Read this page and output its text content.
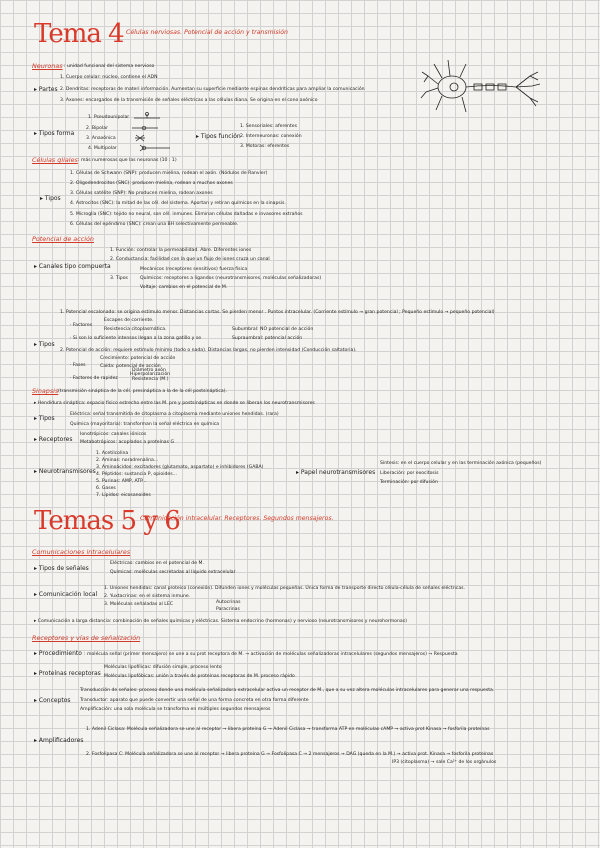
Tema 4 Células nerviosas. Potencial de acción y transmisión
Neuronas : unidad funcional del sistema nervioso
1. Cuerpo celular: núcleo, contiene el ADN
▸ Partes 2. Dendritas: receptoras de materi información. Aumentan su superficie mediante espinas dendríticas para ampliar la comunicación
3. Axones: encargados de la transmisión de señales eléctricas a las células diana. Se origina en el cono axónico
1. Pseudounipolar
2. Bipolar
▸ Tipos forma
3. Anaxónica
4. Multipolar
▸ Tipos función
1. Sensoriales: aferentes
2. Interneuronas: conexión
3. Motoras: eferentes
Células gliales : más numerosas que las neuronas (10 : 1)
1. Células de Schwann (SNP): producen mielina, rodean el axón. (Nódulos de Ranvier)
2. Oligodendrocitos (SNC): producen mielina, rodean a muchos axones
3. Células satélite (SNP): No producen mielina, rodean axones
▸ Tipos
4. Astrocitos (SNC): la mitad de las cél. del sistema. Aportan y retiran químicos en la sinapsis.
5. Microglía (SNC): tejido no neural, son cél. inmunes. Eliminan células dañadas e invasores extraños
6. Células del epéndimo (SNC): crean una BH selectivamente permeable.
Potencial de acción
1. Función: controlar la permeabilidad. Abre. Diferentes iones
2. Conductancia: facilidad con la que un flujo de iones cruza un canal
▸ Canales tipo compuerta
3. Tipos
Mecánicos (receptores sensitivos) fuerza física
Químicos: receptores a ligandos (neurotransmisores, moléculas señalizadoras)
Voltaje: cambios en el potencial de M.
1. Potencial escalonado: se origina estímulo menor. Distancias cortas. Se pierden menor . Puntos intracelular. (Corriente estímulo → gran potencial ; Pequeño estímulo → pequeño potencial)
· Factores
Escapes de corriente.
Resistencia citoplasmática.
· Si son lo suficiente intensos llegan a la zona gatillo y se
Subumbral: NO potencial de acción
Supraumbral: potencial acción
▸ Tipos
2. Potencial de acción: requiere estímulo mínimo (todo o nada). Distancias largas, no pierden intensidad (Conducción saltatoria).
· Fases
Crecimiento: potencial de acción
Caída: potencial de acción
Hiperpolarización
· Factores de rapidez
Diámetro axón
Resistencia (M.)
Sinapsis (transmisión sináptica de la cél. presináptica a la de la cél postsináptica).
▸ Hendidura sináptica: espacio físico estrecho entre las M. pre y postsinápticas en donde se liberan los neurotransmisores
Eléctrica: señal transmitida de citoplasma a citoplasma mediante uniones hendidas. (rara)
▸ Tipos
Química (mayoritaria): transforman la señal eléctrica en química
Ionotrópicos: canales iónicos
▸ Receptores Metabotrópicos: acoplados a proteínas G
1. Acetilcolina
2. Aminas: noradrenalina...
3. Aminoácidos: excitadores (glutamato, aspartato) e inhibidores (GABA)
▸ Neurotransmisores 4. Péptidos: sustancia P, opioides...
5. Purinas: AMP, ATP...
6. Gases
7. Lípidos: eicosanoides
▸ Papel neurotransmisores
Síntesis: en el cuerpo celular y en las terminación axónica (pequeños)
Liberación: por exocitosis
Terminación: por difusión
Temas 5 y 6
Comunicación intracelular. Receptores. Segundos mensajeros.
Comunicaciones intracelulares
▸ Tipos de señales
Eléctricas: cambios en el potencial de M.
Químicas: moléculas secretadas al líquido extracelular
▸ Comunicación local
1. Uniones hendidas: canal proteico (conexión). Difunden iones y moléculas pequeñas. Única forma de transporte directo célula-célula de señales eléctricas.
2. Yuxtacrinas: en el sistema inmune.
3. Moléculas señaladas al LEC	Autocrinas
Paracrinas
▸ Comunicación a larga distancia: combinación de señales químicas y eléctricas. Sistema endocrino (hormonas) y nervioso (neurotransmisores y neurohormonas)
Receptores y vías de señalización
▸ Procedimiento : molécula señal (primer mensajero) se une a su prot receptora de M. → activación de moléculas señalizadoras intracelulares (segundos mensajeros) → Respuesta
▸ Proteínas receptoras
Moléculas lipofílicas: difusión simple, proceso lento
Moléculas lipofóbicas: unión a través de proteínas receptoras de M. proceso rápido
Transducción de señales: proceso donde una molécula señalizadora extracelular activa un receptor de M., que a su vez altera moléculas intracelulares para generar una respuesta.
▸ Conceptos Transductor: aparato que puede convertir una señal de una forma concreta en otra forma diferente
Amplificación: una sola molécula se transforma en múltiples segundos mensajeros
1. Adenil Ciclasa: Molécula señalizadora se une al receptor → libera proteína G → Adenil Ciclasa → transforma ATP en moléculas cAMP → activa prot Kinasa → fosforila proteínas
▸ Amplificadores
2. Fosfolipasa C: Molécula señalizadora se une al receptor → libera proteína G → Fosfolipasa C → 2 mensajeros → DAG (queda en la M.) → activa prot. Kinasa → fosforila proteínas
IP3 (citoplasma) → sale Ca²⁺ de los orgánulos
